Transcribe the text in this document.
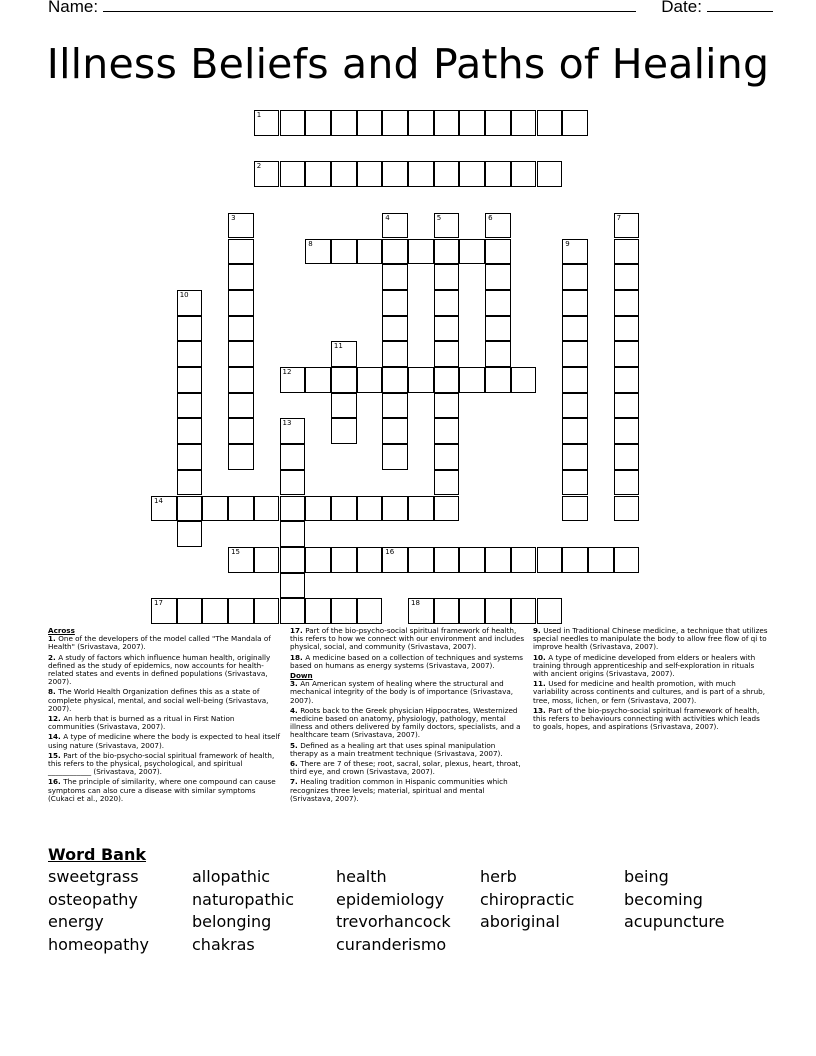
Name:	Date:
Illness Beliefs and Paths of Healing
1
2
3	4	5	6	7
8	9
10
11
12
13
14
15	16
17	18
Across
1. One of the developers of the model called "The Mandala of Health" (Srivastava, 2007).
2. A study of factors which influence human health, originally defined as the study of epidemics, now accounts for health-related states and events in defined populations (Srivastava, 2007).
8. The World Health Organization defines this as a state of complete physical, mental, and social well-being (Srivastava, 2007).
12. An herb that is burned as a ritual in First Nation communities (Srivastava, 2007).
14. A type of medicine where the body is expected to heal itself using nature (Srivastava, 2007).
15. Part of the bio-psycho-social spiritual framework of health, this refers to the physical, psychological, and spiritual ____________ (Srivastava, 2007).
16. The principle of similarity, where one compound can cause symptoms can also cure a disease with similar symptoms (Cukaci et al., 2020).
17. Part of the bio-psycho-social spiritual framework of health, this refers to how we connect with our environment and includes physical, social, and community (Srivastava, 2007).
18. A medicine based on a collection of techniques and systems based on humans as energy systems (Srivastava, 2007).
Down
3. An American system of healing where the structural and mechanical integrity of the body is of importance (Srivastava, 2007).
4. Roots back to the Greek physician Hippocrates, Westernized medicine based on anatomy, physiology, pathology, mental illness and others delivered by family doctors, specialists, and a healthcare team (Srivastava, 2007).
5. Defined as a healing art that uses spinal manipulation therapy as a main treatment technique (Srivastava, 2007).
6. There are 7 of these; root, sacral, solar, plexus, heart, throat, third eye, and crown (Srivastava, 2007).
7. Healing tradition common in Hispanic communities which recognizes three levels; material, spiritual and mental (Srivastava, 2007).
9. Used in Traditional Chinese medicine, a technique that utilizes special needles to manipulate the body to allow free flow of qi to improve health (Srivastava, 2007).
10. A type of medicine developed from elders or healers with training through apprenticeship and self-exploration in rituals with ancient origins (Srivastava, 2007).
11. Used for medicine and health promotion, with much variability across continents and cultures, and is part of a shrub, tree, moss, lichen, or fern (Srivastava, 2007).
13. Part of the bio-psycho-social spiritual framework of health, this refers to behaviours connecting with activities which leads to goals, hopes, and aspirations (Srivastava, 2007).
Word Bank
sweetgrass
osteopathy
energy
homeopathy
allopathic
naturopathic
belonging
chakras
health
epidemiology
trevorhancock
curanderismo
herb
chiropractic
aboriginal
being
becoming
acupuncture
